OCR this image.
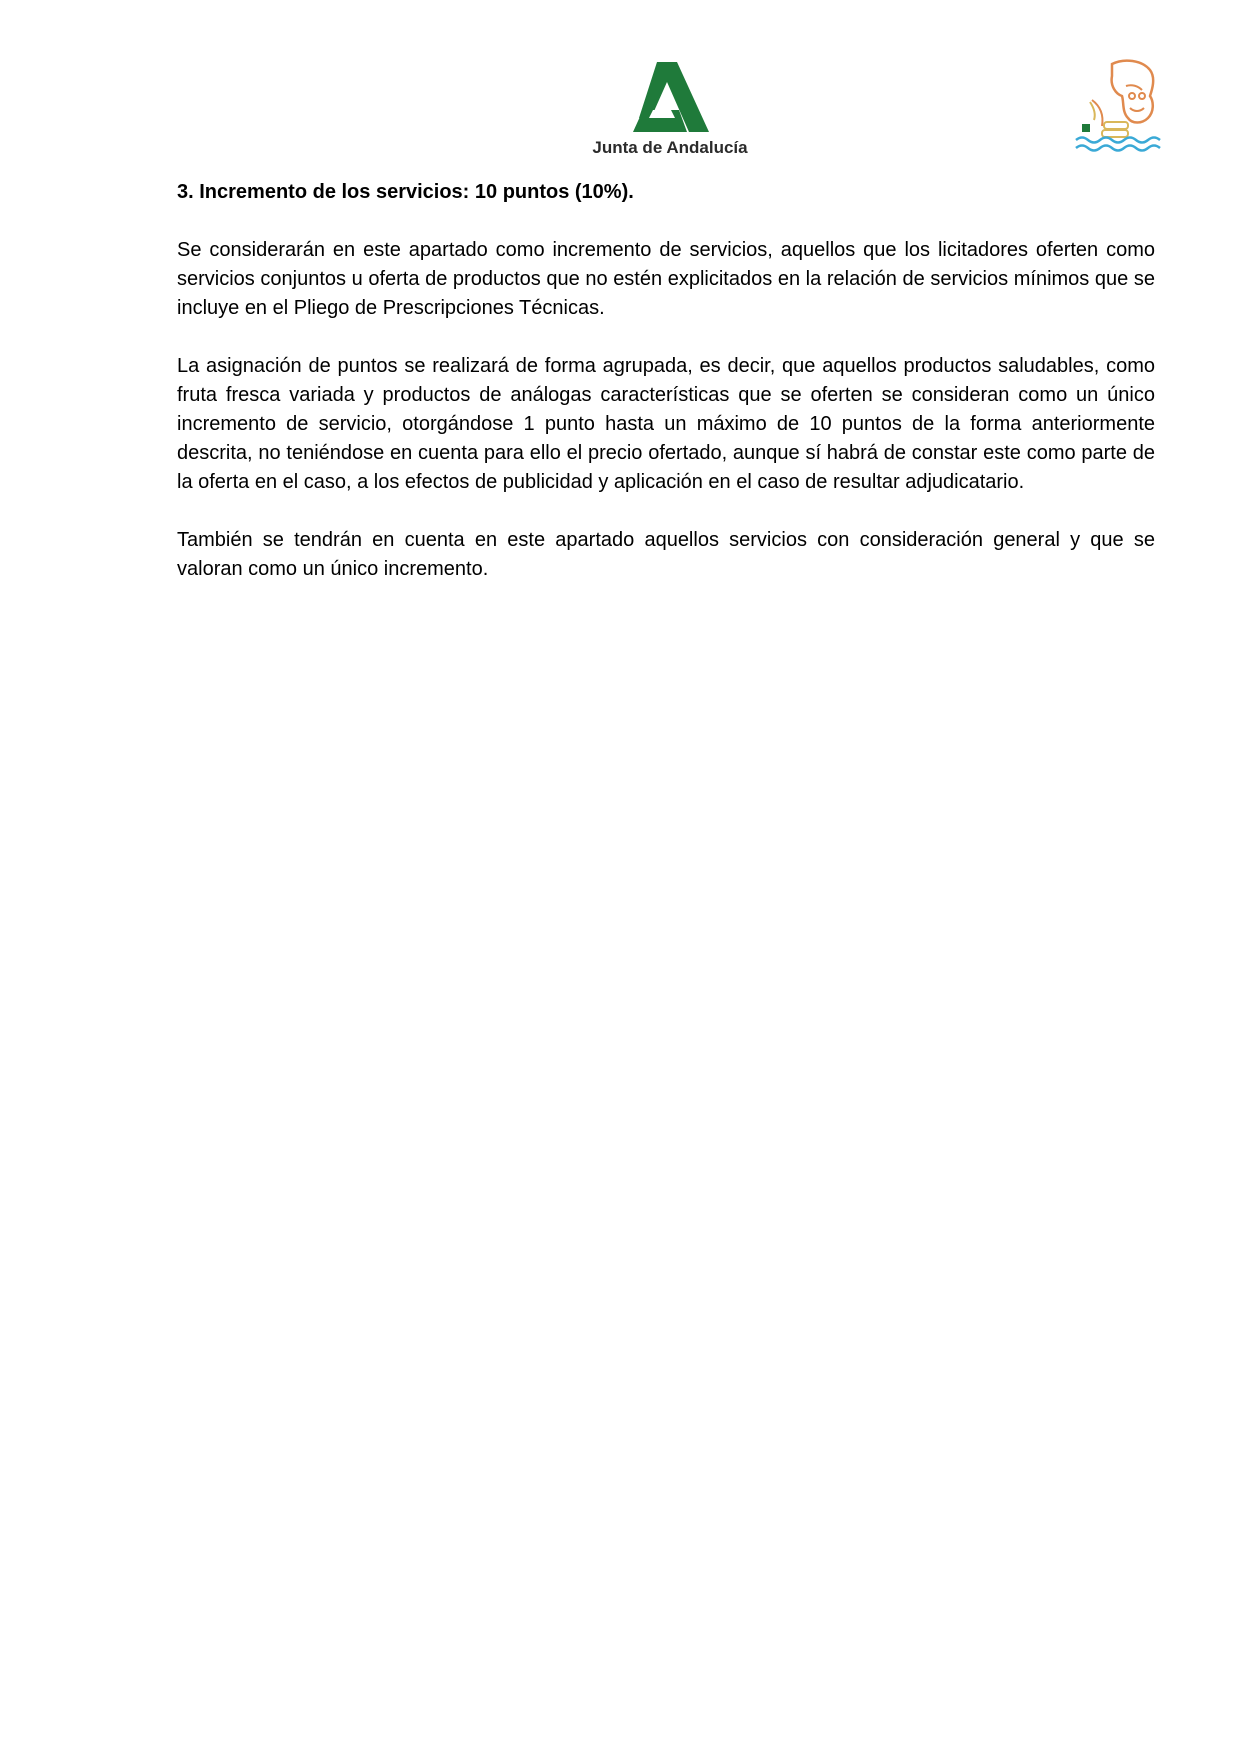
Junta de Andalucía

3. Incremento de los servicios: 10 puntos (10%).

Se considerarán en este apartado como incremento de servicios, aquellos que los licitadores oferten como servicios conjuntos u oferta de productos que no estén explicitados en la relación de servicios mínimos que se incluye en el Pliego de Prescripciones Técnicas.

La asignación de puntos se realizará de forma agrupada, es decir, que aquellos productos saludables, como fruta fresca variada y productos de análogas características que se oferten se consideran como un único incremento de servicio, otorgándose 1 punto hasta un máximo de 10 puntos de la forma anteriormente descrita, no teniéndose en cuenta para ello el precio ofertado, aunque sí habrá de constar este como parte de la oferta en el caso, a los efectos de publicidad y aplicación en el caso de resultar adjudicatario.

También se tendrán en cuenta en este apartado aquellos servicios con consideración general y que se valoran como un único incremento.
